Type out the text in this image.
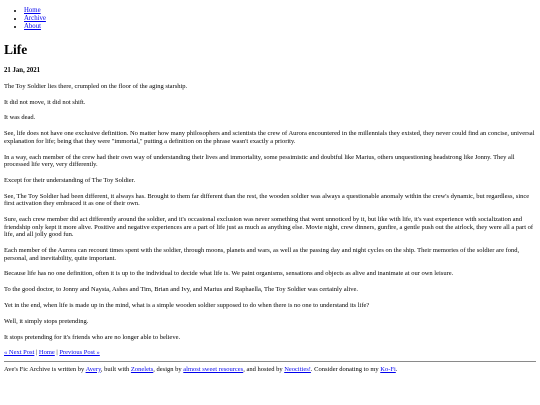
• Home
• Archive
• About
Life
21 Jan, 2021

The Toy Soldier lies there, crumpled on the floor of the aging starship.

It did not move, it did not shift.

It was dead.

See, life does not have one exclusive definition. No matter how many philosophers and scientists the crew of Aurora encountered in the millennials they existed, they never could find an concise, universal explanation for life; being that they were "immortal," putting a definition on the phrase wasn't exactly a priority.

In a way, each member of the crew had their own way of understanding their lives and immortality, some pessimistic and doubtful like Marius, others unquestioning headstrong like Jonny. They all processed life very, very differently.

Except for their understanding of The Toy Soldier.

See, The Toy Soldier had been different, it always has. Brought to them far different than the rest, the wooden soldier was always a questionable anomaly within the crew's dynamic, but regardless, since first activation they embraced it as one of their own.

Sure, each crew member did act differently around the soldier, and it's occasional exclusion was never something that went unnoticed by it, but like with life, it's vast experience with socialization and friendship only kept it more alive. Positive and negative experiences are a part of life just as much as anything else. Movie night, crew dinners, gunfire, a gentle push out the airlock, they were all a part of life, and all jolly good fun.

Each member of the Aurora can recount times spent with the soldier, through moons, planets and wars, as well as the passing day and night cycles on the ship. Their memories of the soldier are fond, personal, and inevitability, quite important.

Because life has no one definition, often it is up to the individual to decide what life is. We paint organisms, sensations and objects as alive and inanimate at our own leisure.

To the good doctor, to Jonny and Naysta, Ashes and Tim, Brian and Ivy, and Marius and Raphaella, The Toy Soldier was certainly alive.

Yet in the end, when life is made up in the mind, what is a simple wooden soldier supposed to do when there is no one to understand its life?

Well, it simply stops pretending.

It stops pretending for it's friends who are no longer able to believe.

« Next Post | Home | Previous Post »
Ave's Fic Archive is written by Avery, built with Zonelets, design by almost sweet resources, and hosted by Neocities!. Consider donating to my Ko-Fi.
